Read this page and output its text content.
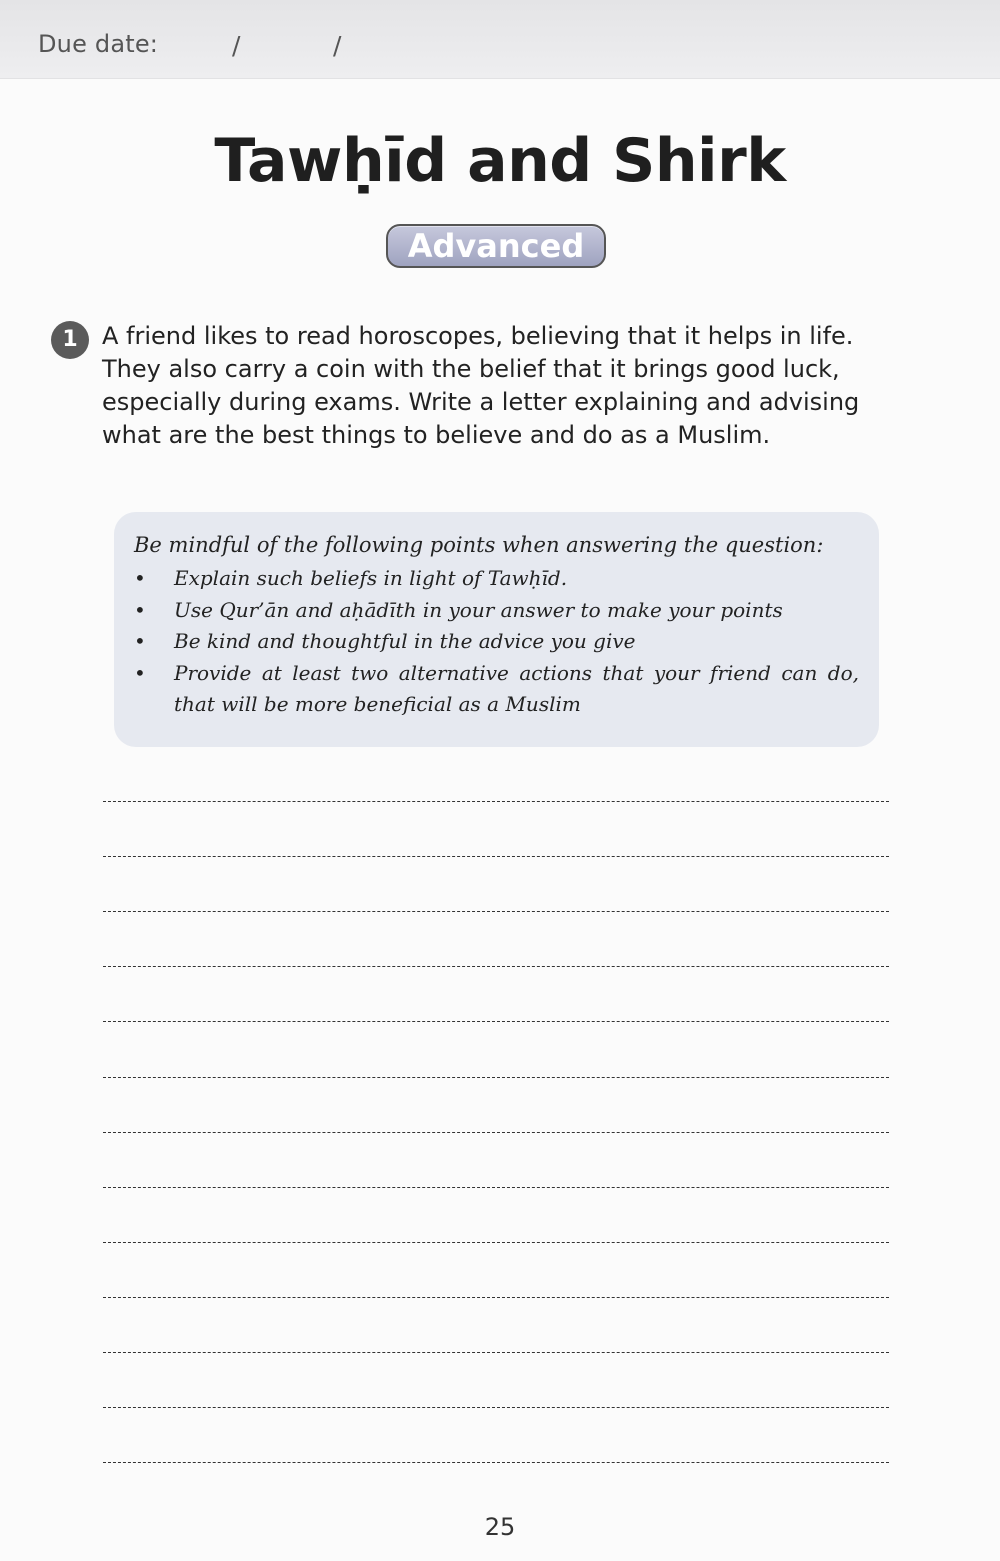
Due date:	/	/
Tawḥīd and Shirk
Advanced
1	A friend likes to read horoscopes, believing that it helps in life. They also carry a coin with the belief that it brings good luck, especially during exams. Write a letter explaining and advising what are the best things to believe and do as a Muslim.

Be mindful of the following points when answering the question:

• Explain such beliefs in light of Tawḥīd.
• Use Qur’ān and aḥādīth in your answer to make your points
• Be kind and thoughtful in the advice you give
• Provide at least two alternative actions that your friend can do, that will be more beneficial as a Muslim
25
